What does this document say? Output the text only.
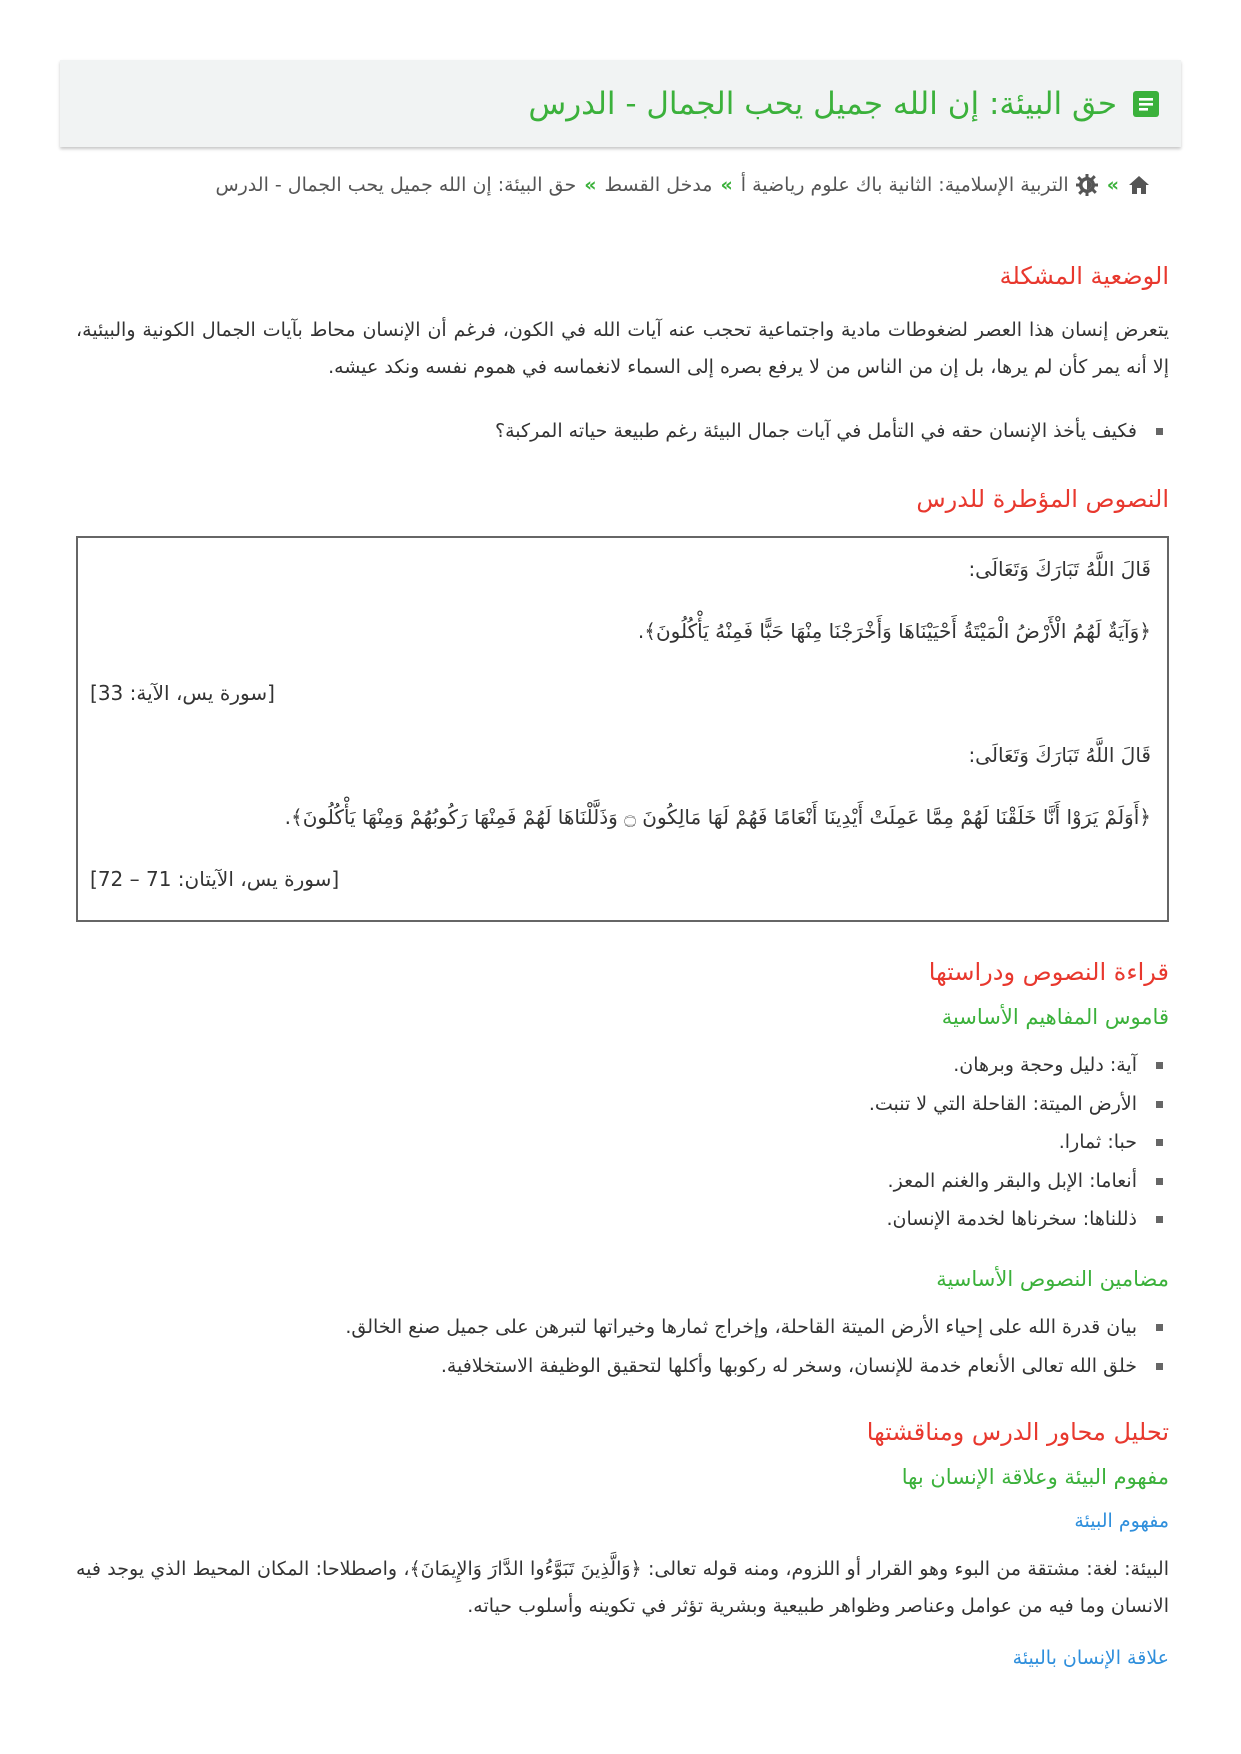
حق البيئة: إن الله جميل يحب الجمال - الدرس
»
التربية الإسلامية: الثانية باك علوم رياضية أ
»
مدخل القسط
»
حق البيئة: إن الله جميل يحب الجمال - الدرس
الوضعية المشكلة

يتعرض إنسان هذا العصر لضغوطات مادية واجتماعية تحجب عنه آيات الله في الكون، فرغم أن الإنسان محاط بآيات الجمال الكونية والبيئية، إلا أنه يمر كأن لم يرها، بل إن من الناس من لا يرفع بصره إلى السماء لانغماسه في هموم نفسه ونكد عيشه.

فكيف يأخذ الإنسان حقه في التأمل في آيات جمال البيئة رغم طبيعة حياته المركبة؟
النصوص المؤطرة للدرس
قَالَ اللَّهُ تَبَارَكَ وَتَعَالَى:
﴿وَآيَةٌ لَهُمُ الْأَرْضُ الْمَيْتَةُ أَحْيَيْنَاهَا وَأَخْرَجْنَا مِنْهَا حَبًّا فَمِنْهُ يَأْكُلُونَ﴾.
[سورة يس، الآية: 33]
قَالَ اللَّهُ تَبَارَكَ وَتَعَالَى:
﴿أَوَلَمْ يَرَوْا أَنَّا خَلَقْنَا لَهُمْ مِمَّا عَمِلَتْ أَيْدِينَا أَنْعَامًا فَهُمْ لَهَا مَالِكُونَ ۝ وَذَلَّلْنَاهَا لَهُمْ فَمِنْهَا رَكُوبُهُمْ وَمِنْهَا يَأْكُلُونَ﴾.
[سورة يس، الآيتان: 71 – 72]
قراءة النصوص ودراستها
قاموس المفاهيم الأساسية
آية: دليل وحجة وبرهان.
الأرض الميتة: القاحلة التي لا تنبت.
حبا: ثمارا.
أنعاما: الإبل والبقر والغنم المعز.
ذللناها: سخرناها لخدمة الإنسان.
مضامين النصوص الأساسية
بيان قدرة الله على إحياء الأرض الميتة القاحلة، وإخراج ثمارها وخيراتها لتبرهن على جميل صنع الخالق.
خلق الله تعالى الأنعام خدمة للإنسان، وسخر له ركوبها وأكلها لتحقيق الوظيفة الاستخلافية.
تحليل محاور الدرس ومناقشتها
مفهوم البيئة وعلاقة الإنسان بها
مفهوم البيئة

البيئة: لغة: مشتقة من البوء وهو القرار أو اللزوم، ومنه قوله تعالى: ﴿وَالَّذِينَ تَبَوَّءُوا الدَّارَ وَالإِيمَانَ﴾، واصطلاحا: المكان المحيط الذي يوجد فيه الانسان وما فيه من عوامل وعناصر وظواهر طبيعية وبشرية تؤثر في تكوينه وأسلوب حياته.

علاقة الإنسان بالبيئة
